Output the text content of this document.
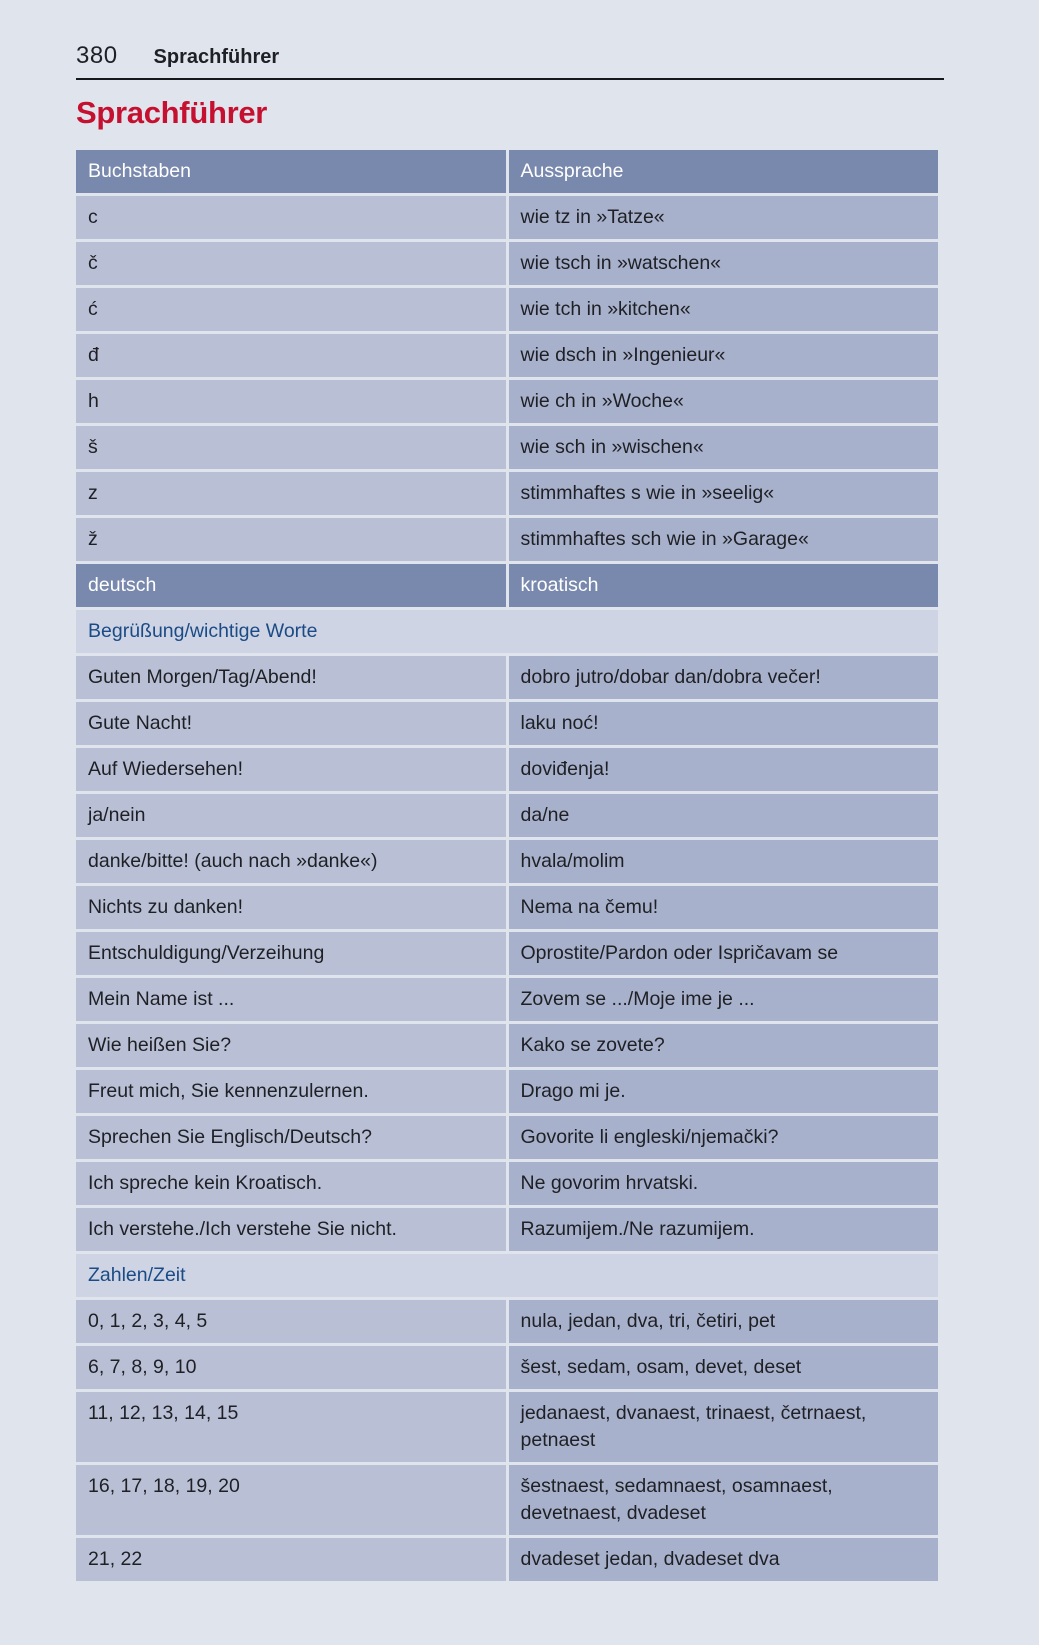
380 Sprachführer
Sprachführer
Buchstaben	Aussprache
c	wie tz in »Tatze«
č	wie tsch in »watschen«
ć	wie tch in »kitchen«
đ	wie dsch in »Ingenieur«
h	wie ch in »Woche«
š	wie sch in »wischen«
z	stimmhaftes s wie in »seelig«
ž	stimmhaftes sch wie in »Garage«
deutsch	kroatisch
Begrüßung/wichtige Worte	
Guten Morgen/Tag/Abend!	dobro jutro/dobar dan/dobra večer!
Gute Nacht!	laku noć!
Auf Wiedersehen!	doviđenja!
ja/nein	da/ne
danke/bitte! (auch nach »danke«)	hvala/molim
Nichts zu danken!	Nema na čemu!
Entschuldigung/Verzeihung	Oprostite/Pardon oder Ispričavam se
Mein Name ist ...	Zovem se .../Moje ime je ...
Wie heißen Sie?	Kako se zovete?
Freut mich, Sie kennenzulernen.	Drago mi je.
Sprechen Sie Englisch/Deutsch?	Govorite li engleski/njemački?
Ich spreche kein Kroatisch.	Ne govorim hrvatski.
Ich verstehe./Ich verstehe Sie nicht.	Razumijem./Ne razumijem.
Zahlen/Zeit	
0, 1, 2, 3, 4, 5	nula, jedan, dva, tri, četiri, pet
6, 7, 8, 9, 10	šest, sedam, osam, devet, deset
11, 12, 13, 14, 15	jedanaest, dvanaest, trinaest, četrnaest, petnaest
16, 17, 18, 19, 20	šestnaest, sedamnaest, osamnaest, devetnaest, dvadeset
21, 22	dvadeset jedan, dvadeset dva
